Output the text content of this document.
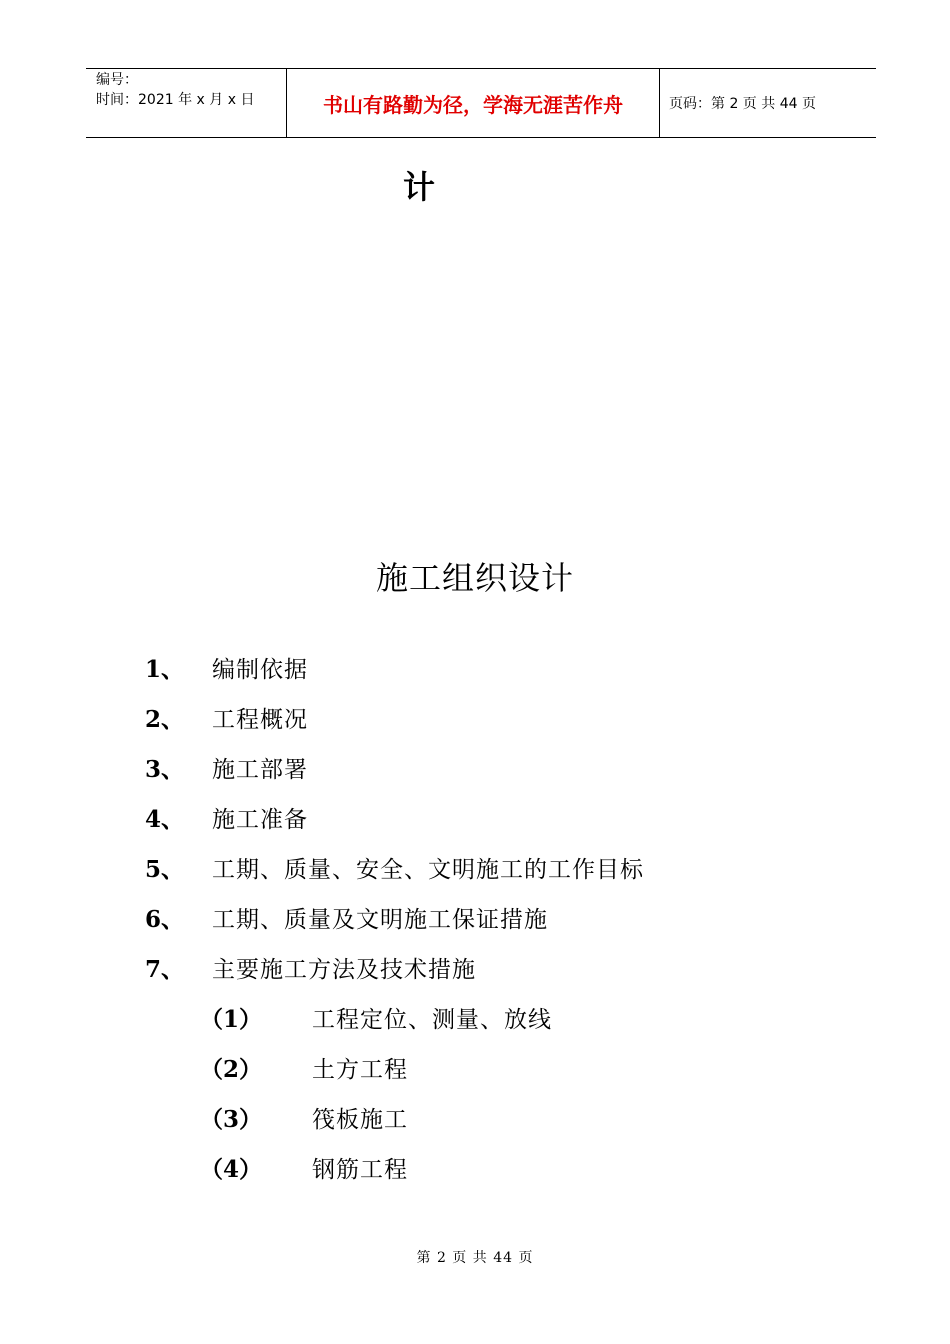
编号：
时间：2021 年 x 月 x 日	书山有路勤为径，学海无涯苦作舟	页码：第 2 页 共 44 页
计
施工组织设计
1、 编制依据
2、 工程概况
3、 施工部署
4、 施工准备
5、 工期、质量、安全、文明施工的工作目标
6、 工期、质量及文明施工保证措施
7、 主要施工方法及技术措施
（1） 工程定位、测量、放线
（2） 土方工程
（3） 筏板施工
（4） 钢筋工程
第 2 页 共 44 页
